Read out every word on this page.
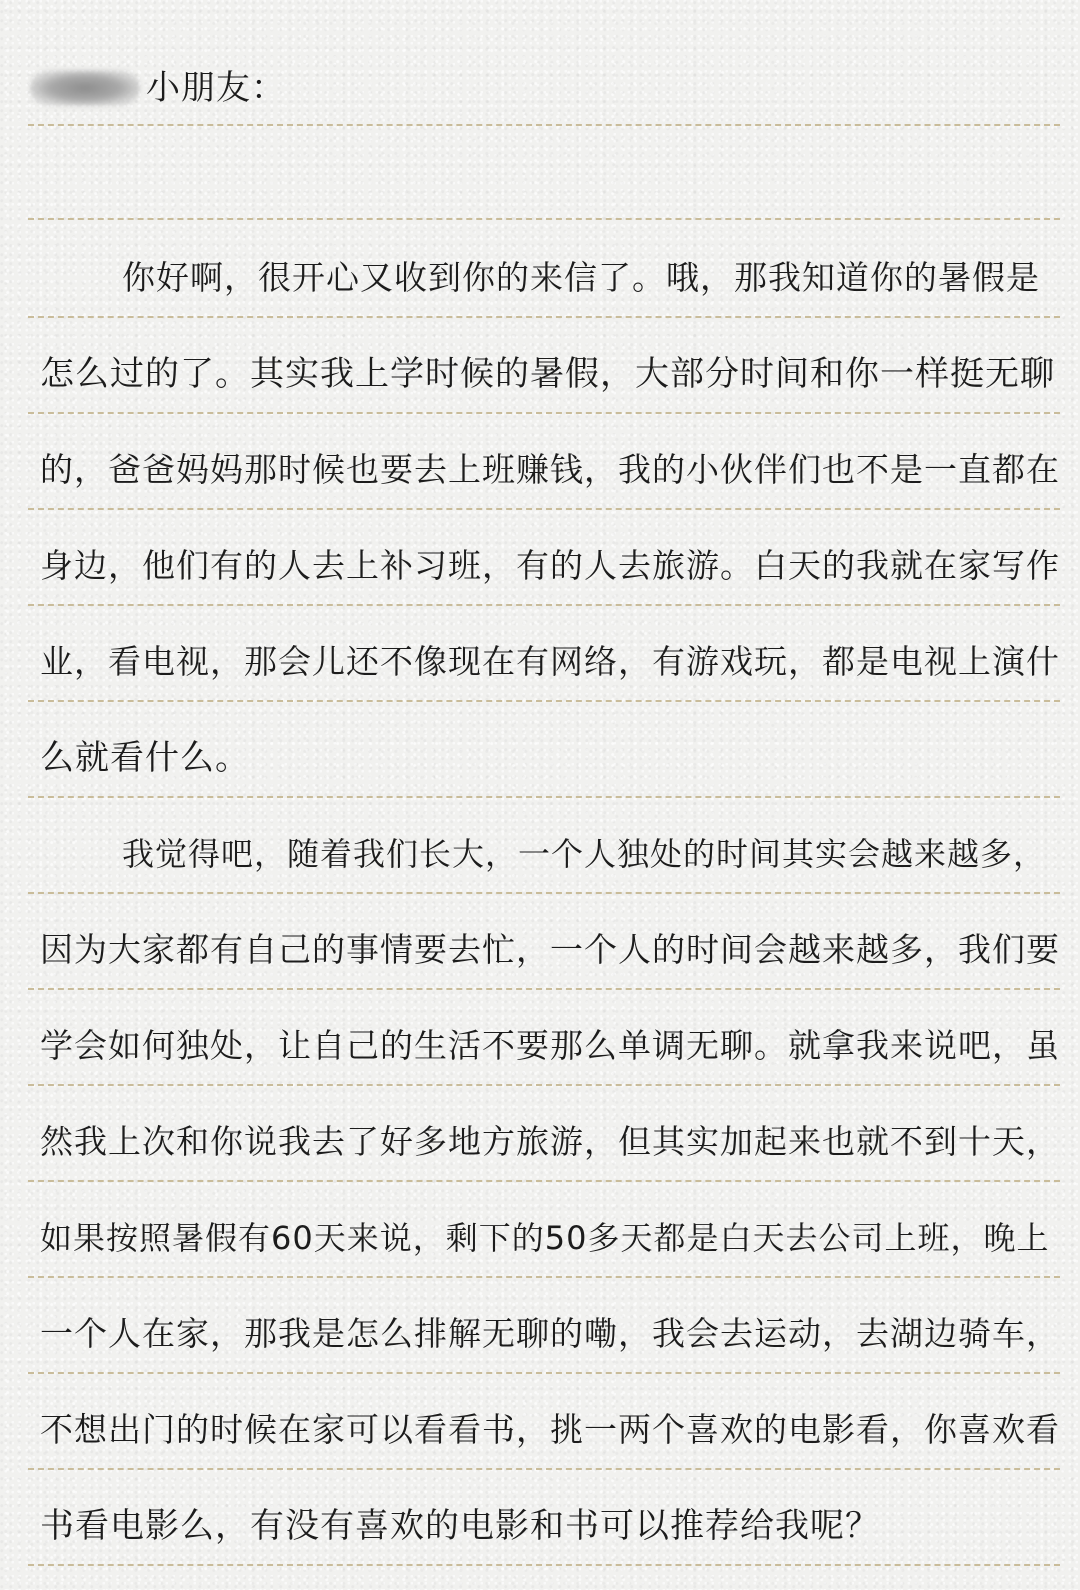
小朋友：
你好啊，很开心又收到你的来信了。哦，那我知道你的暑假是
怎么过的了。其实我上学时候的暑假，大部分时间和你一样挺无聊
的，爸爸妈妈那时候也要去上班赚钱，我的小伙伴们也不是一直都在
身边，他们有的人去上补习班，有的人去旅游。白天的我就在家写作
业，看电视，那会儿还不像现在有网络，有游戏玩，都是电视上演什
么就看什么。
我觉得吧，随着我们长大，一个人独处的时间其实会越来越多，
因为大家都有自己的事情要去忙，一个人的时间会越来越多，我们要
学会如何独处，让自己的生活不要那么单调无聊。就拿我来说吧，虽
然我上次和你说我去了好多地方旅游，但其实加起来也就不到十天，
如果按照暑假有60天来说，剩下的50多天都是白天去公司上班，晚上
一个人在家，那我是怎么排解无聊的嘞，我会去运动，去湖边骑车，
不想出门的时候在家可以看看书，挑一两个喜欢的电影看，你喜欢看
书看电影么，有没有喜欢的电影和书可以推荐给我呢？
